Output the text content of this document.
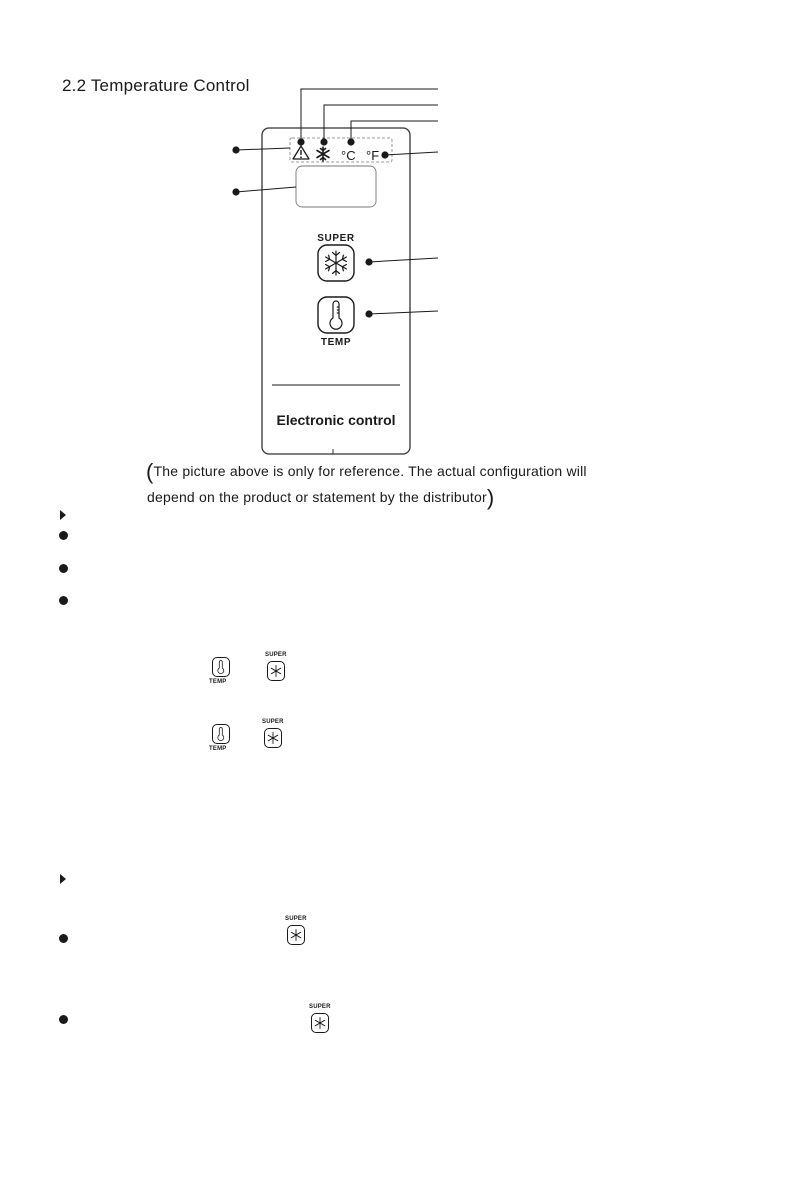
2.2 Temperature Control
°C °F
SUPER
TEMP
Electronic control
(The picture above is only for reference. The actual configuration will
depend on the product or statement by the distributor)
TEMP
SUPER
TEMP
SUPER
SUPER
SUPER
